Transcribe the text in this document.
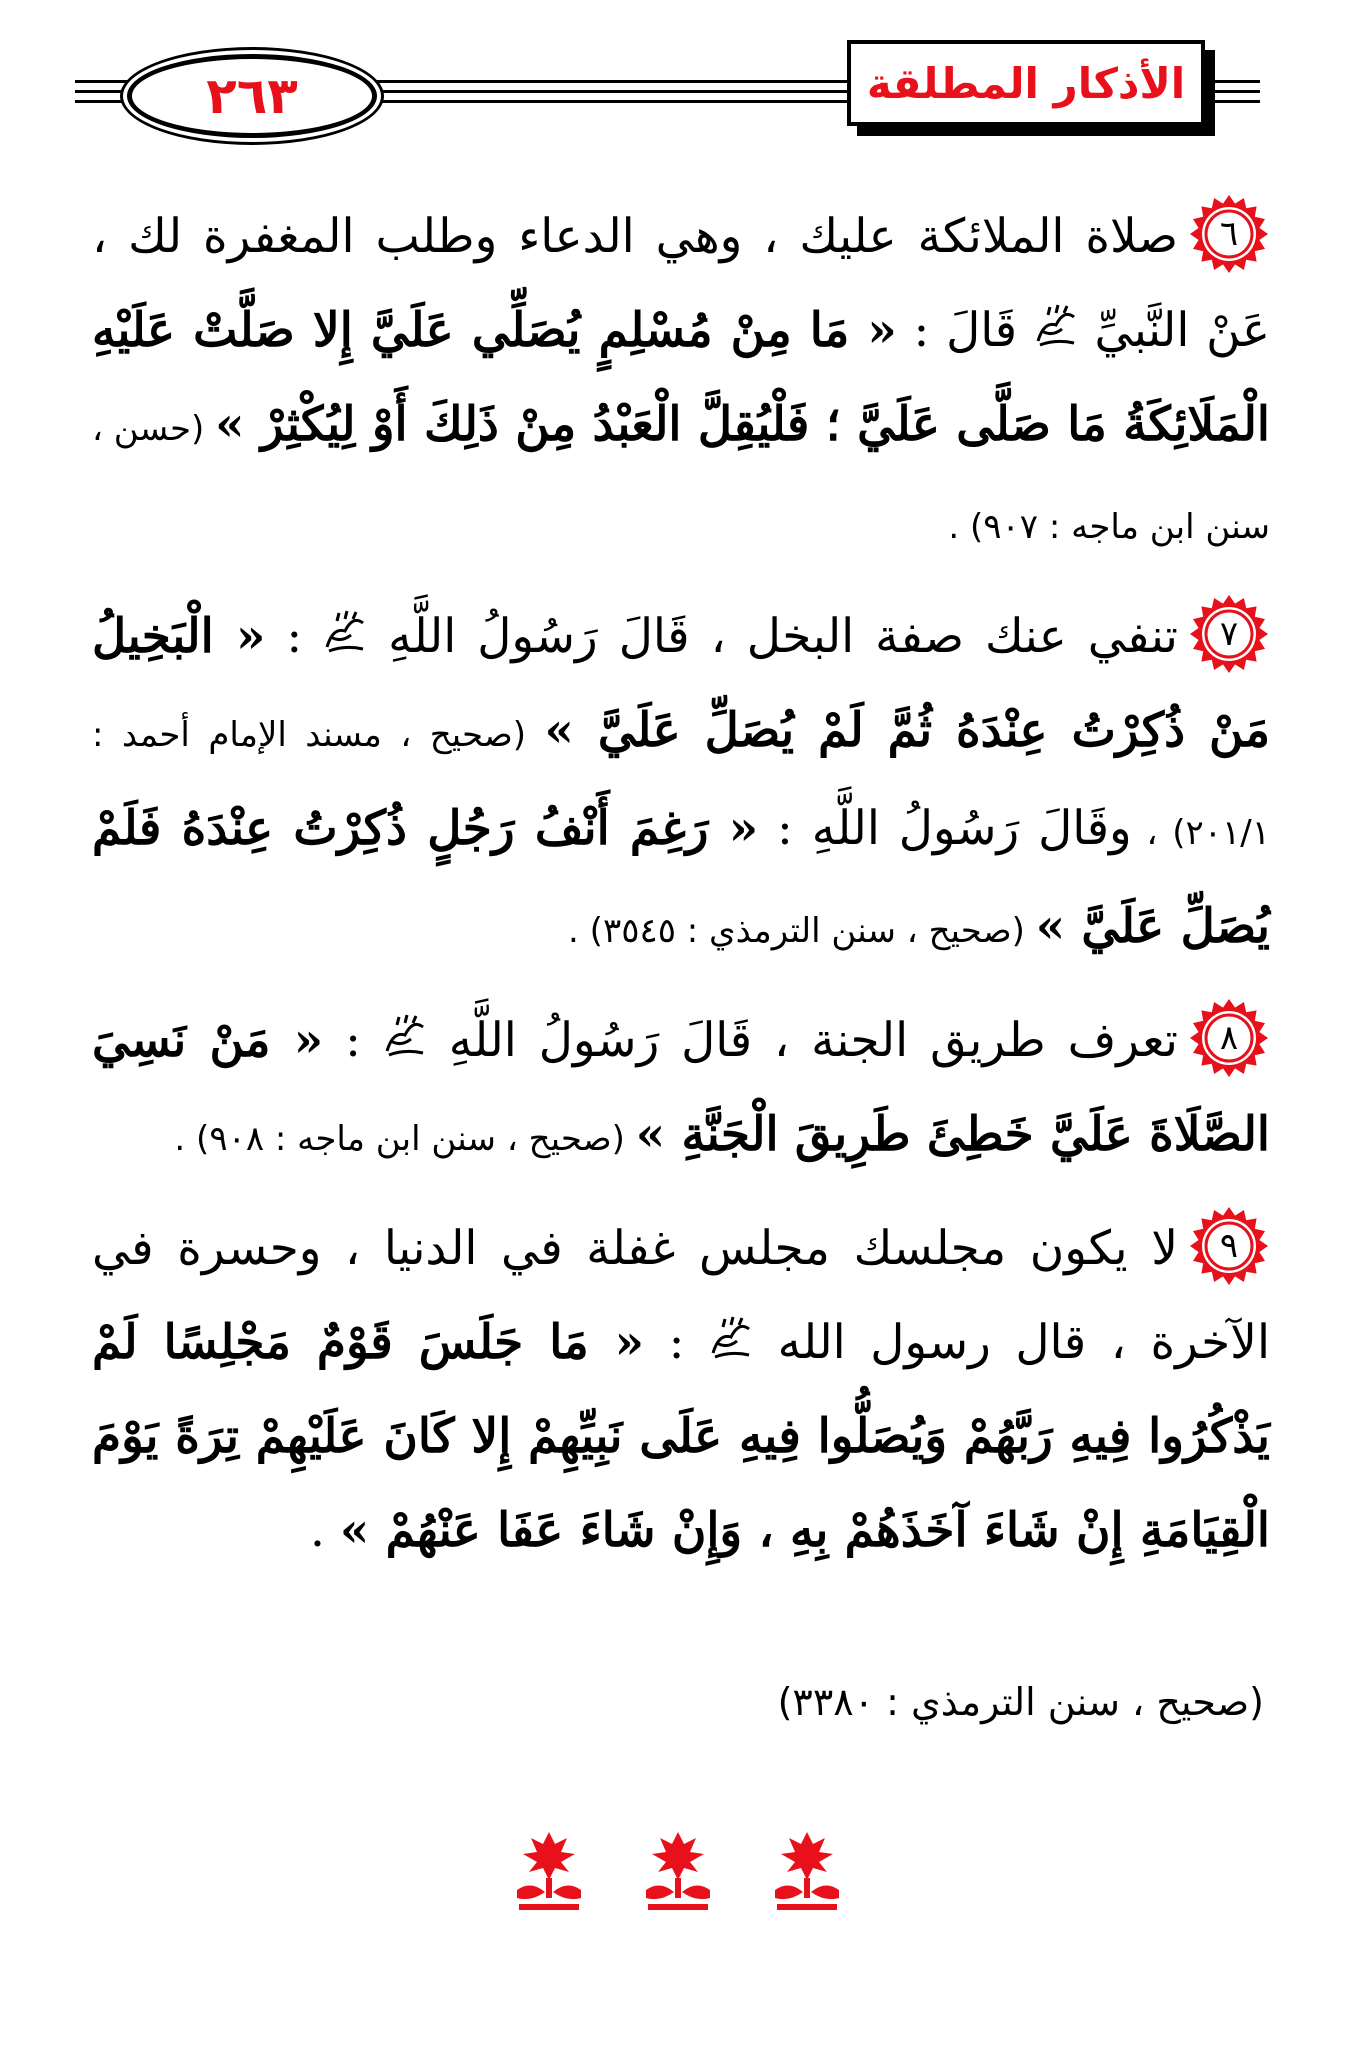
٢٦٣	الأذكار المطلقة

٦
صلاة الملائكة عليك ، وهي الدعاء وطلب المغفرة لك ، عَنْ النَّبيِّ  قَالَ : « مَا مِنْ مُسْلِمٍ يُصَلِّي عَلَيَّ إِلا صَلَّتْ عَلَيْهِ الْمَلَائِكَةُ مَا صَلَّى عَلَيَّ ؛ فَلْيُقِلَّ الْعَبْدُ مِنْ ذَلِكَ أَوْ لِيُكْثِرْ » (حسن ، سنن ابن ماجه : ٩٠٧) .

٧
تنفي عنك صفة البخل ، قَالَ رَسُولُ اللَّهِ  : « الْبَخِيلُ مَنْ ذُكِرْتُ عِنْدَهُ ثُمَّ لَمْ يُصَلِّ عَلَيَّ » (صحيح ، مسند الإمام أحمد : ٢٠١/١) ، وقَالَ رَسُولُ اللَّهِ : « رَغِمَ أَنْفُ رَجُلٍ ذُكِرْتُ عِنْدَهُ فَلَمْ يُصَلِّ عَلَيَّ » (صحيح ، سنن الترمذي : ٣٥٤٥) .

٨
تعرف طريق الجنة ، قَالَ رَسُولُ اللَّهِ  : « مَنْ نَسِيَ الصَّلَاةَ عَلَيَّ خَطِئَ طَرِيقَ الْجَنَّةِ » (صحيح ، سنن ابن ماجه : ٩٠٨) .

٩
لا يكون مجلسك مجلس غفلة في الدنيا ، وحسرة في الآخرة ، قال رسول الله  : « مَا جَلَسَ قَوْمٌ مَجْلِسًا لَمْ يَذْكُرُوا فِيهِ رَبَّهُمْ وَيُصَلُّوا فِيهِ عَلَى نَبِيِّهِمْ إِلا كَانَ عَلَيْهِمْ تِرَةً يَوْمَ الْقِيَامَةِ إِنْ شَاءَ آخَذَهُمْ بِهِ ، وَإِنْ شَاءَ عَفَا عَنْهُمْ » .

(صحيح ، سنن الترمذي : ٣٣٨٠)
